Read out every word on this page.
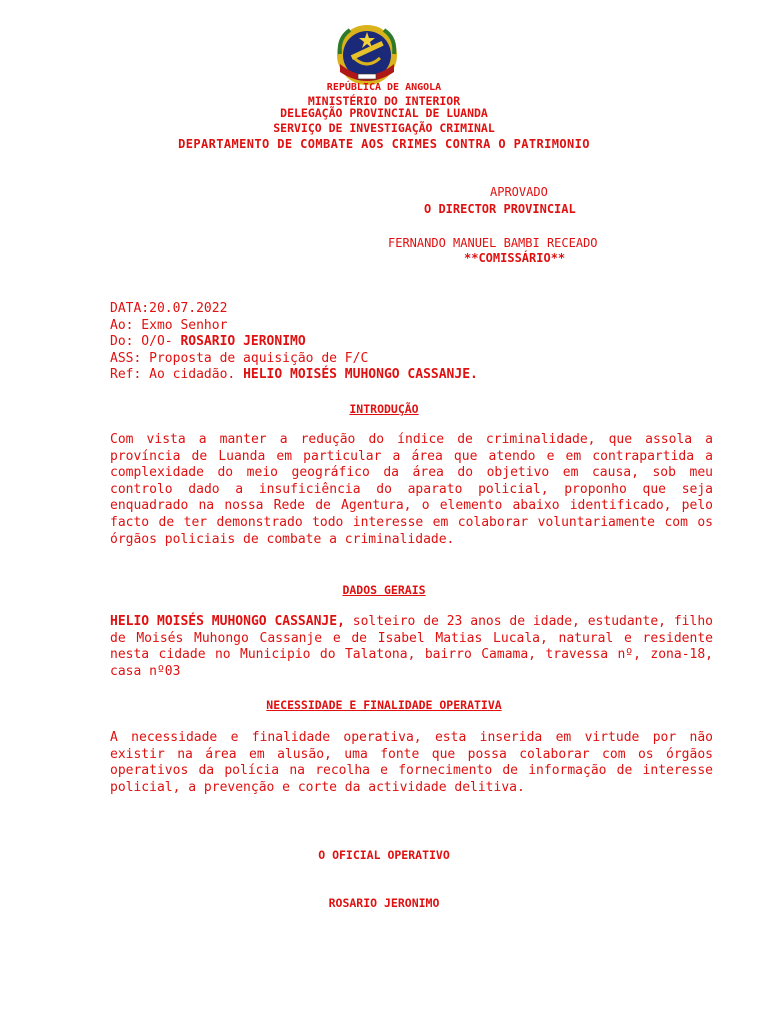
REPÚBLICA DE ANGOLA
MINISTÉRIO DO INTERIOR
DELEGAÇÃO PROVINCIAL DE LUANDA
SERVIÇO DE INVESTIGAÇÃO CRIMINAL
DEPARTAMENTO DE COMBATE AOS CRIMES CONTRA O PATRIMONIO
APROVADO
O DIRECTOR PROVINCIAL
FERNANDO MANUEL BAMBI RECEADO
**COMISSÁRIO**
DATA:20.07.2022
Ao: Exmo Senhor
Do: O/O- ROSARIO JERONIMO
ASS: Proposta de aquisição de F/C
Ref: Ao cidadão. HELIO MOISÉS MUHONGO CASSANJE.
INTRODUÇÃO
Com vista a manter a redução do índice de criminalidade, que assola a província de Luanda em particular a área que atendo e em contrapartida a complexidade do meio geográfico da área do objetivo em causa, sob meu controlo dado a insuficiência do aparato policial, proponho que seja enquadrado na nossa Rede de Agentura, o elemento abaixo identificado, pelo facto de ter demonstrado todo interesse em colaborar voluntariamente com os órgãos policiais de combate a criminalidade.
DADOS GERAIS
HELIO MOISÉS MUHONGO CASSANJE, solteiro de 23 anos de idade, estudante, filho de Moisés Muhongo Cassanje e de Isabel Matias Lucala, natural e residente nesta cidade no Municipio do Talatona, bairro Camama, travessa nº, zona-18, casa nº03
NECESSIDADE E FINALIDADE OPERATIVA
A necessidade e finalidade operativa, esta inserida em virtude por não existir na área em alusão, uma fonte que possa colaborar com os órgãos operativos da polícia na recolha e fornecimento de informação de interesse policial, a prevenção e corte da actividade delitiva.
O OFICIAL OPERATIVO
ROSARIO JERONIMO
